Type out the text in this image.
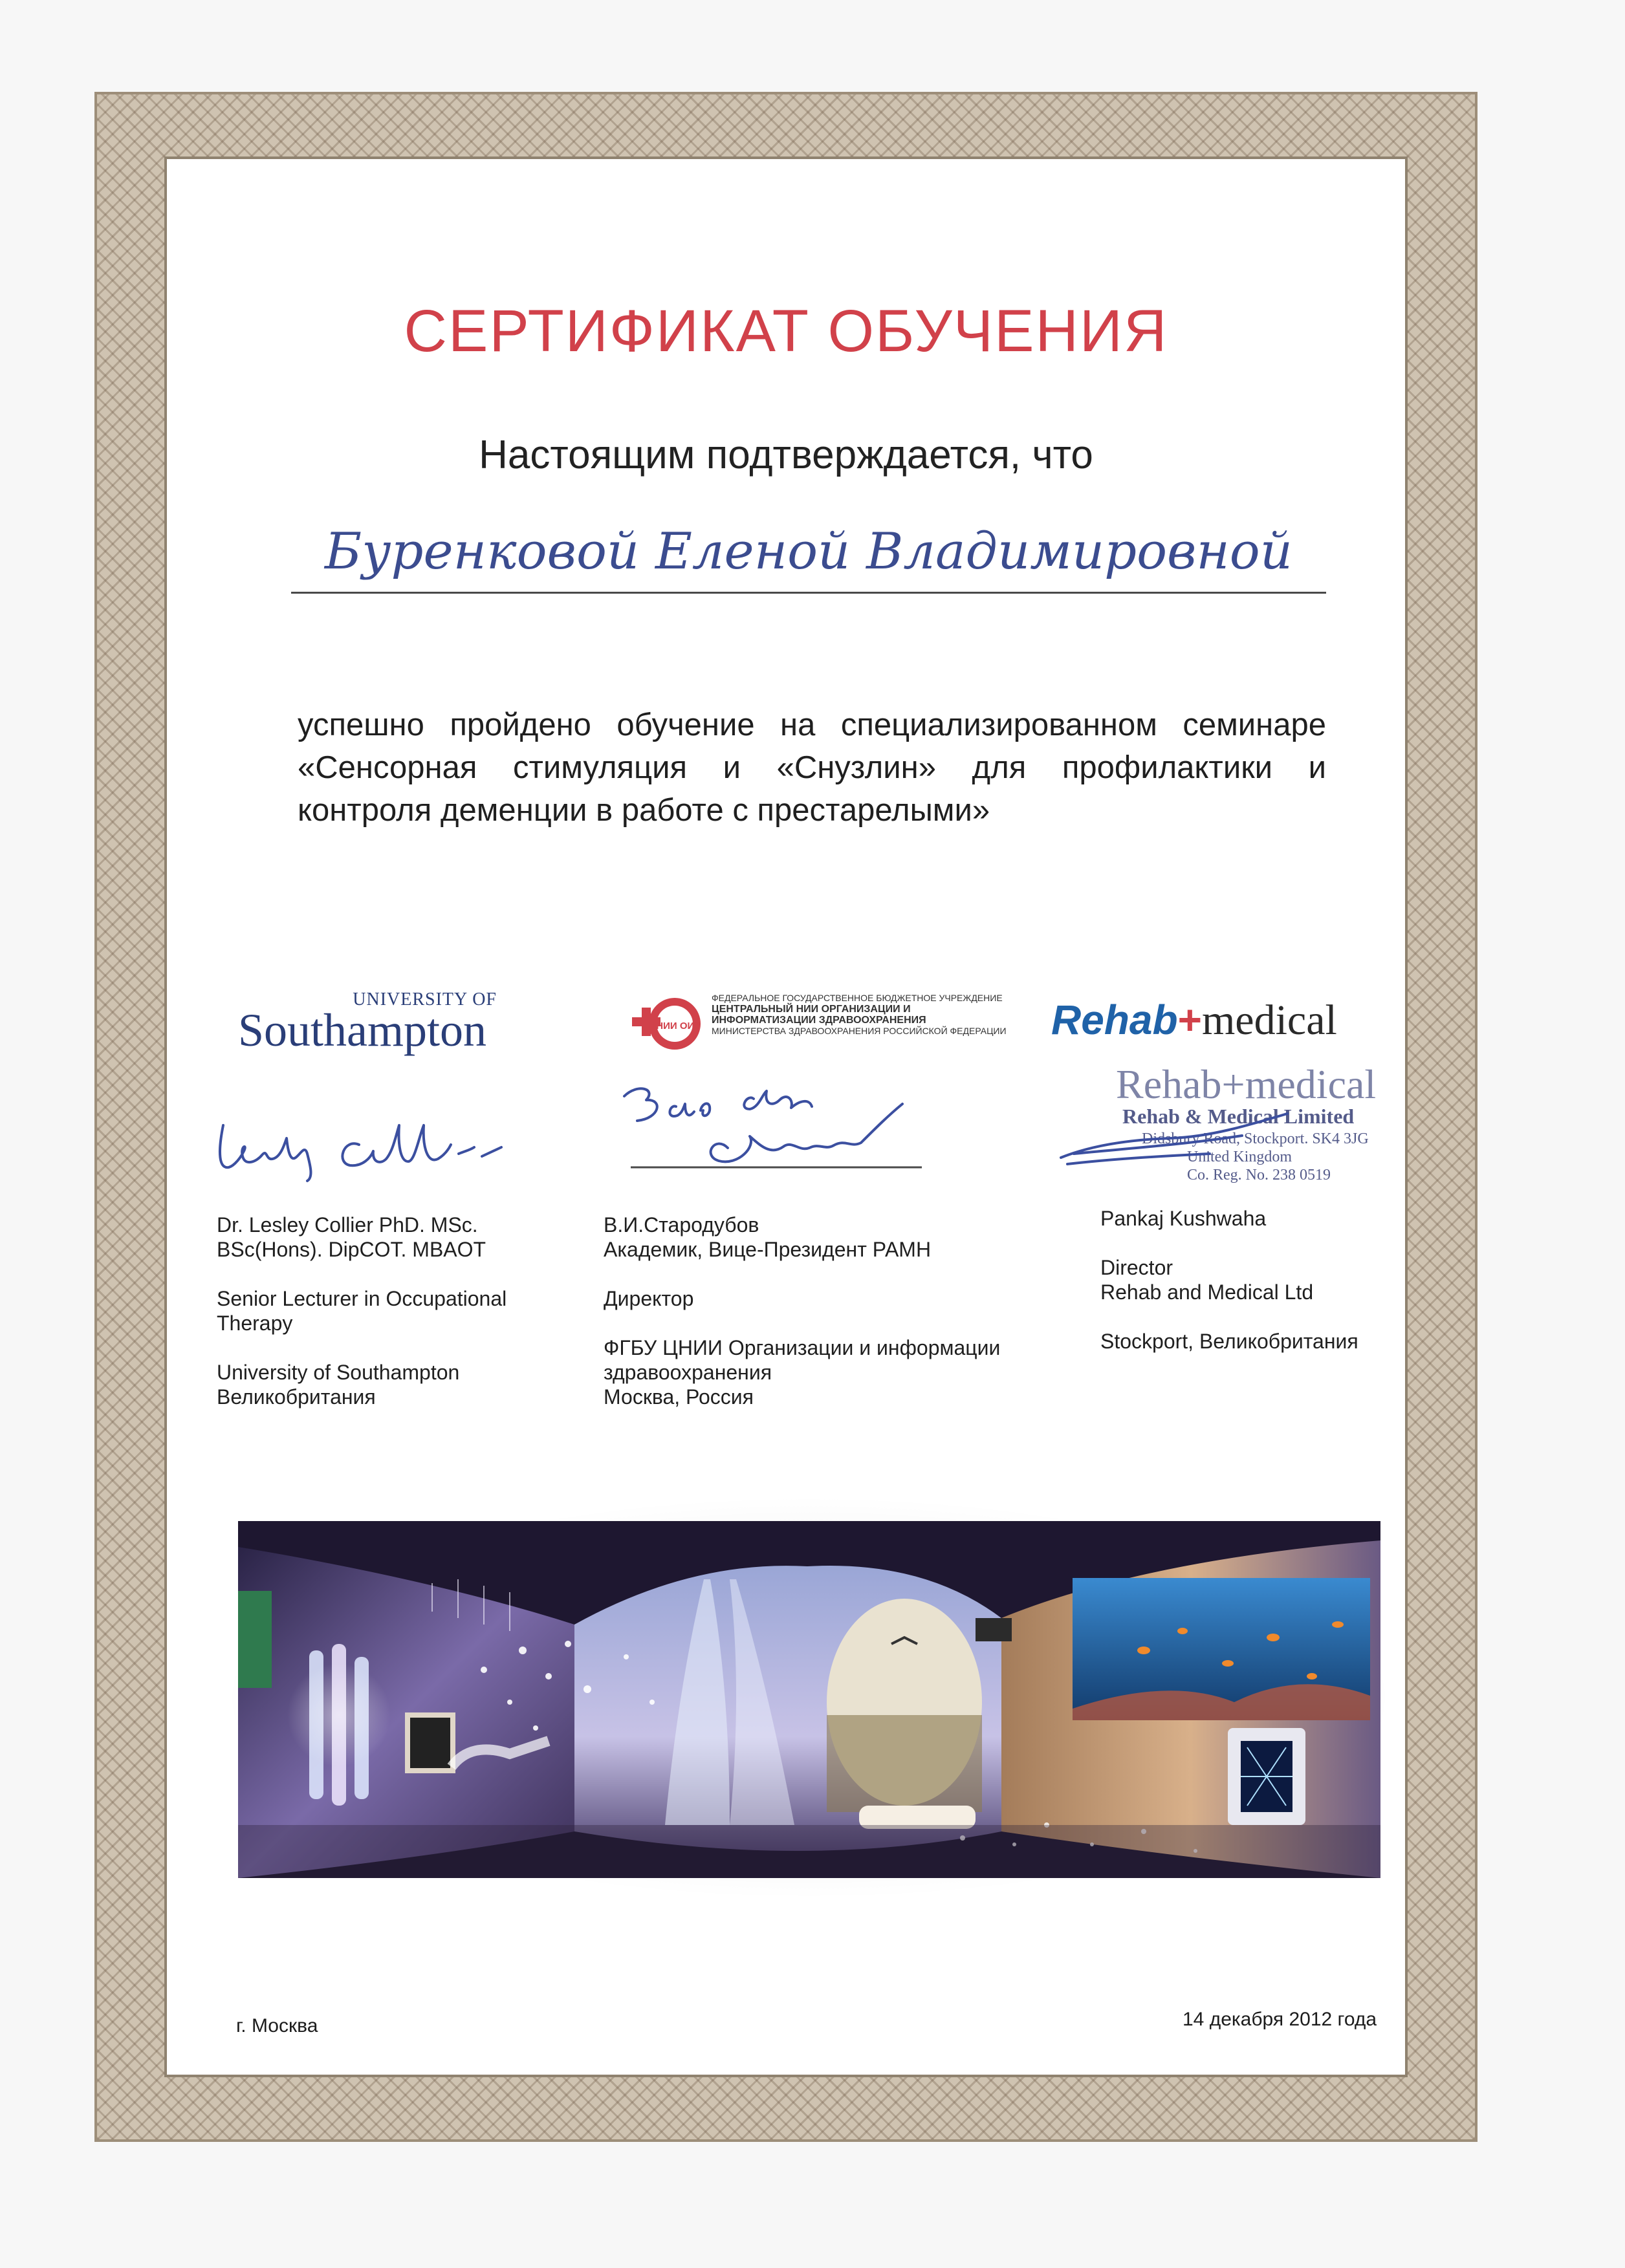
СЕРТИФИКАТ ОБУЧЕНИЯ
Настоящим подтверждается, что
Буренковой Еленой Владимировной
успешно пройдено обучение на специализированном семинаре
«Сенсорная стимуляция и «Снузлин» для профилактики и
контроля деменции в работе с престарелыми»
UNIVERSITY OF
Southampton	ЦНИИ ОИЗ
ФЕДЕРАЛЬНОЕ ГОСУДАРСТВЕННОЕ БЮДЖЕТНОЕ УЧРЕЖДЕНИЕ
ЦЕНТРАЛЬНЫЙ НИИ ОРГАНИЗАЦИИ И
ИНФОРМАТИЗАЦИИ ЗДРАВООХРАНЕНИЯ
МИНИСТЕРСТВА ЗДРАВООХРАНЕНИЯ РОССИЙСКОЙ ФЕДЕРАЦИИ Rehab+medical
Rehab+medical
Rehab & Medical Limited
Didsbury Road, Stockport. SK4 3JG
United Kingdom
Co. Reg. No. 238 0519

Dr. Lesley Collier PhD. MSc.
BSc(Hons). DipCOT. MBAOT

Senior Lecturer in Occupational
Therapy

University of Southampton
Великобритания

В.И.Стародубов
Академик, Вице-Президент РАМН

Директор

ФГБУ ЦНИИ Организации и информации
здравоохранения
Москва, Россия

Pankaj Kushwaha

Director
Rehab and Medical Ltd

Stockport, Великобритания

г. Москва	14 декабря 2012 года
